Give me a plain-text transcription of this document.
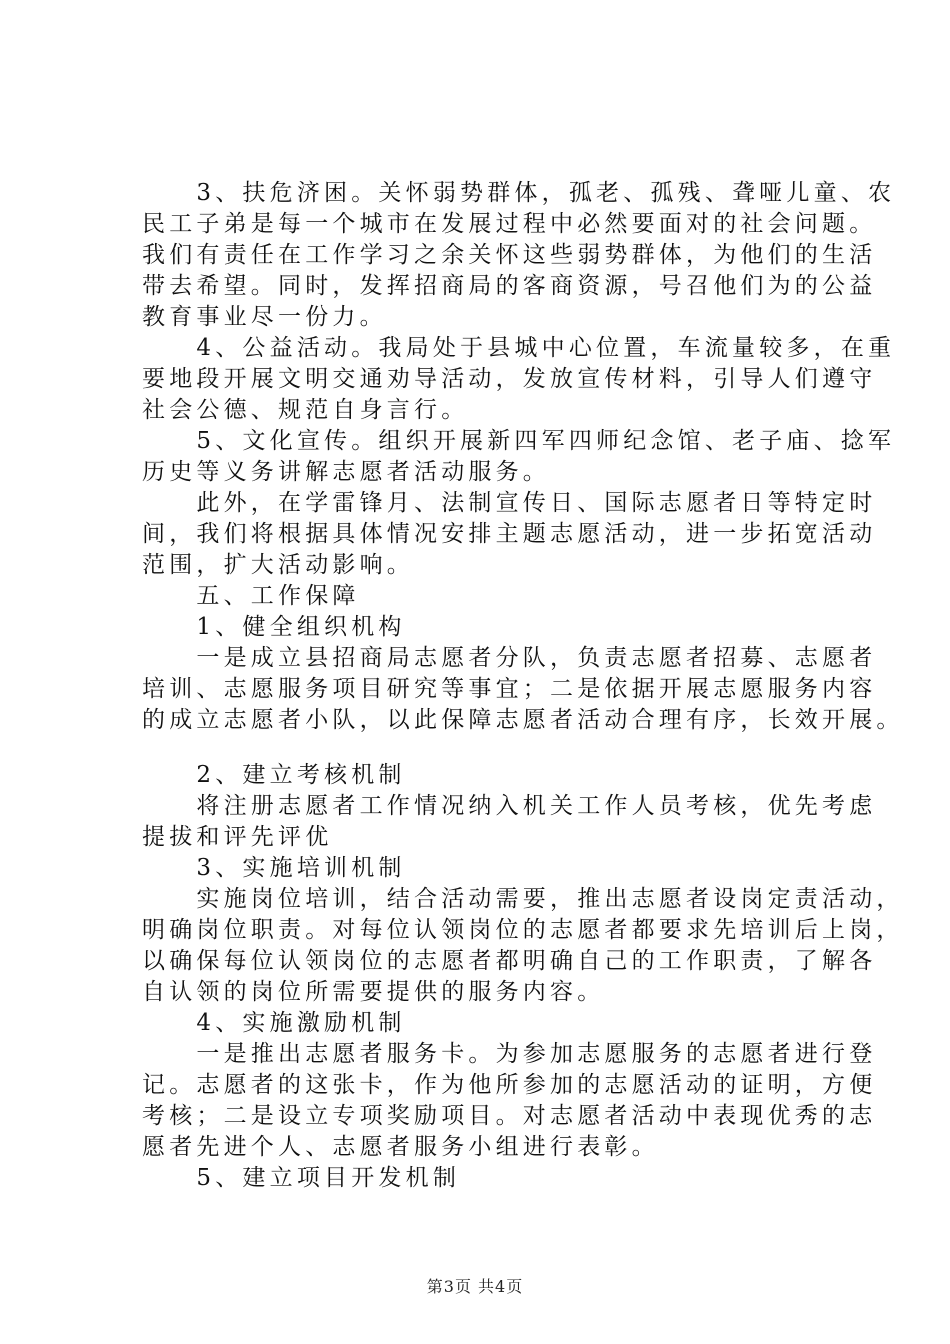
　　3、扶危济困。关怀弱势群体，孤老、孤残、聋哑儿童、农
民工子弟是每一个城市在发展过程中必然要面对的社会问题。
我们有责任在工作学习之余关怀这些弱势群体，为他们的生活
带去希望。同时，发挥招商局的客商资源，号召他们为的公益
教育事业尽一份力。
　　4、公益活动。我局处于县城中心位置，车流量较多，在重
要地段开展文明交通劝导活动，发放宣传材料，引导人们遵守
社会公德、规范自身言行。
　　5、文化宣传。组织开展新四军四师纪念馆、老子庙、捻军
历史等义务讲解志愿者活动服务。
　　此外，在学雷锋月、法制宣传日、国际志愿者日等特定时
间，我们将根据具体情况安排主题志愿活动，进一步拓宽活动
范围，扩大活动影响。
　　五、工作保障
　　1、健全组织机构
　　一是成立县招商局志愿者分队，负责志愿者招募、志愿者
培训、志愿服务项目研究等事宜；二是依据开展志愿服务内容
的成立志愿者小队，以此保障志愿者活动合理有序，长效开展。
　　2、建立考核机制
　　将注册志愿者工作情况纳入机关工作人员考核，优先考虑
提拔和评先评优
　　3、实施培训机制
　　实施岗位培训，结合活动需要，推出志愿者设岗定责活动，
明确岗位职责。对每位认领岗位的志愿者都要求先培训后上岗，
以确保每位认领岗位的志愿者都明确自己的工作职责，了解各
自认领的岗位所需要提供的服务内容。
　　4、实施激励机制
　　一是推出志愿者服务卡。为参加志愿服务的志愿者进行登
记。志愿者的这张卡，作为他所参加的志愿活动的证明，方便
考核；二是设立专项奖励项目。对志愿者活动中表现优秀的志
愿者先进个人、志愿者服务小组进行表彰。
　　5、建立项目开发机制
第3页 共4页
